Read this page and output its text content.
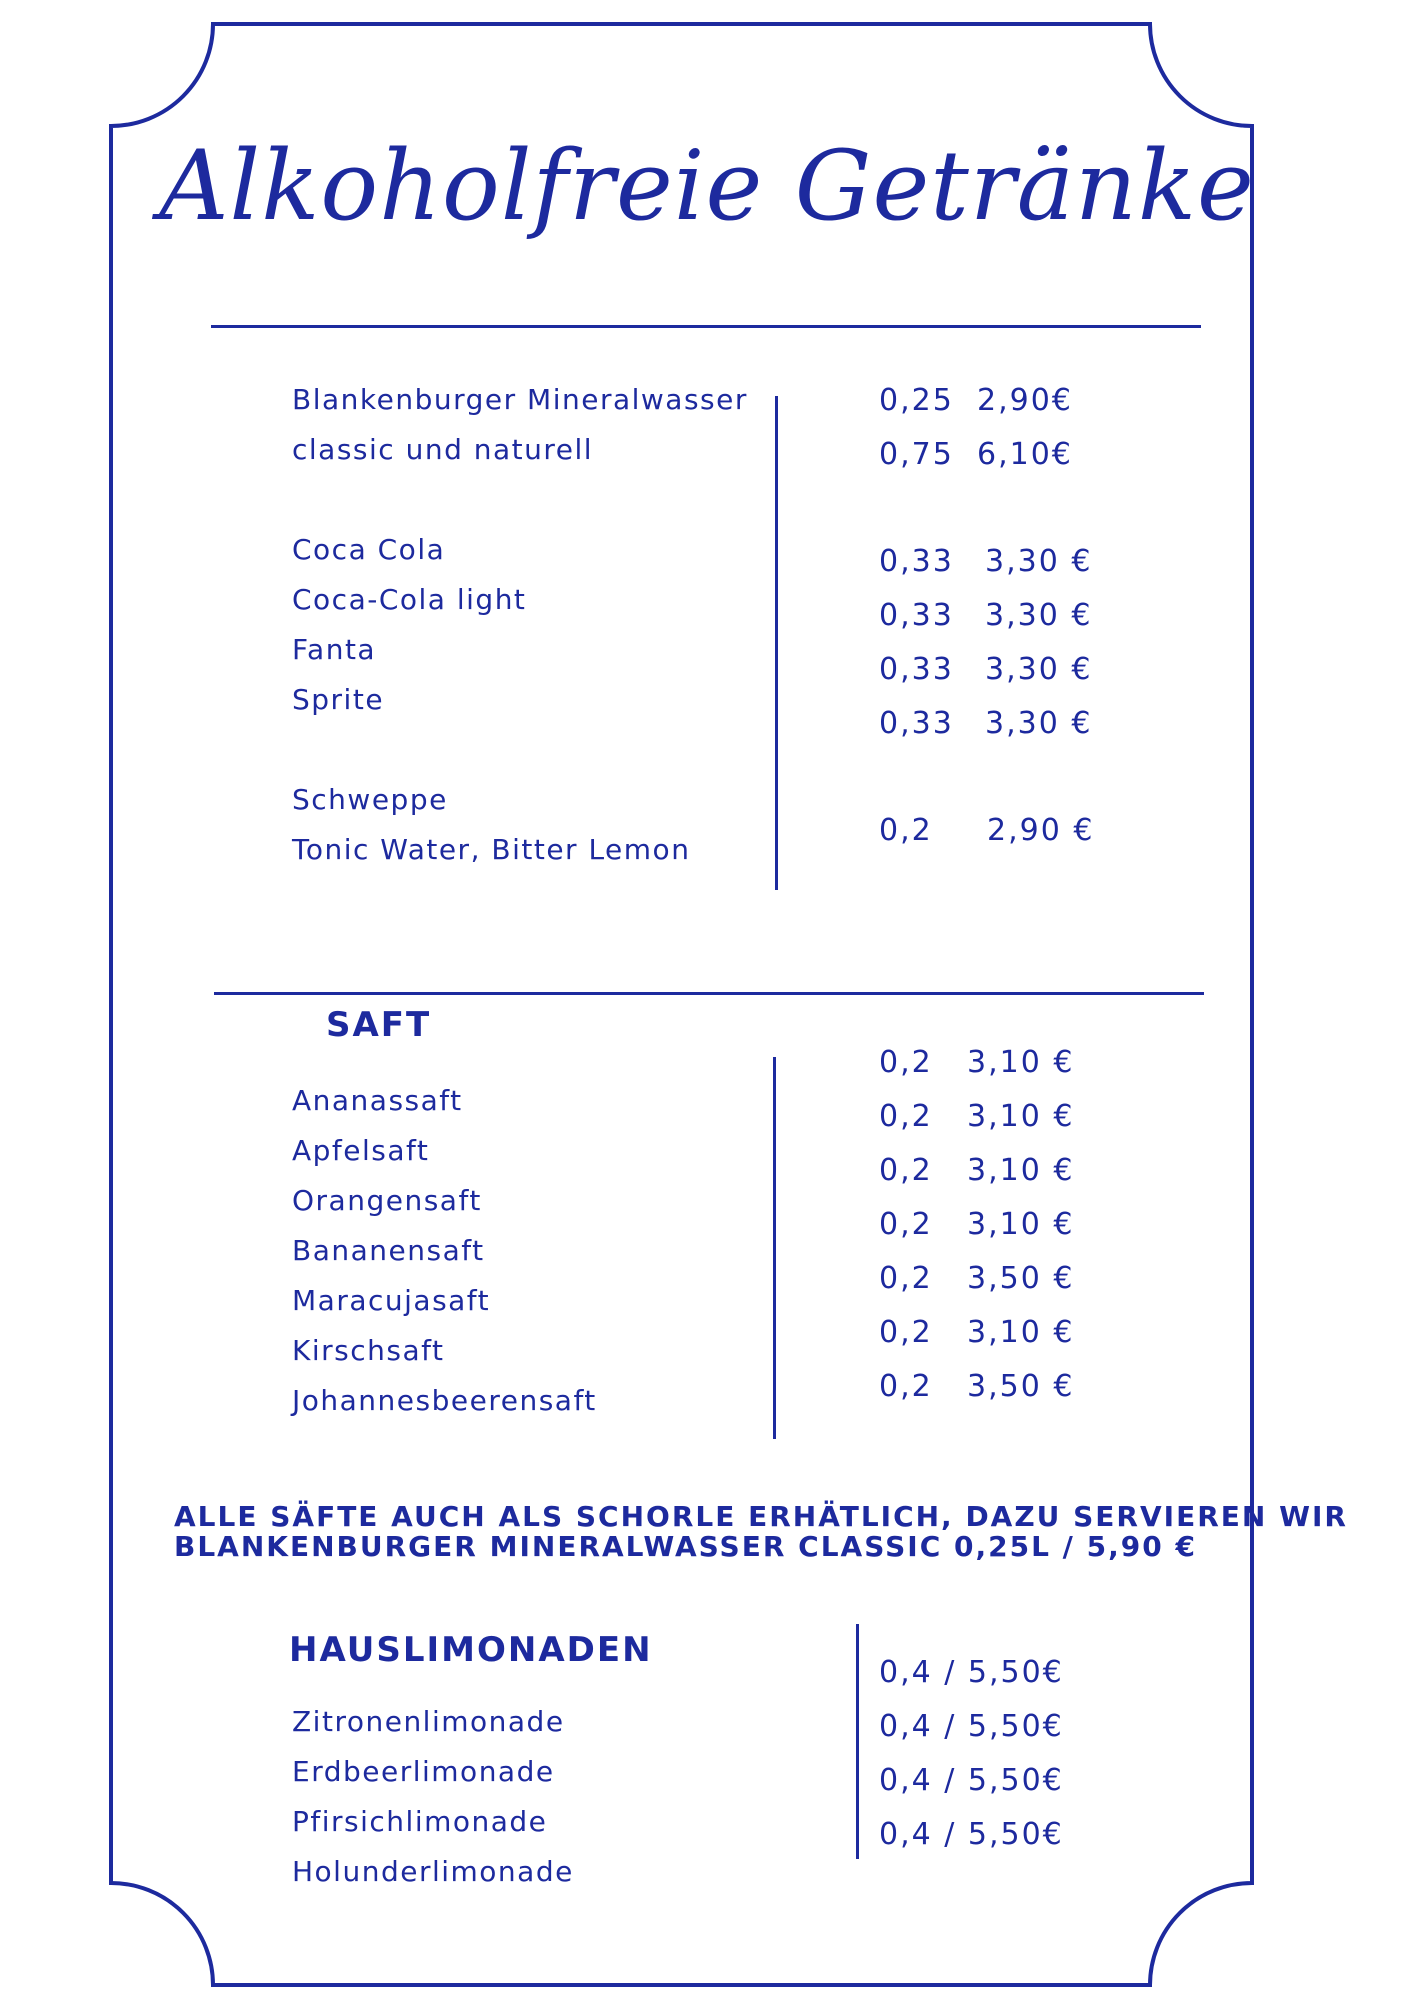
Alkoholfreie Getränke
Blankenburger Mineralwasser
classic und naturell
0,25 2,90€
0,75 6,10€
Coca Cola
Coca-Cola light
Fanta
Sprite
0,33 3,30 €
0,33 3,30 €
0,33 3,30 €
0,33 3,30 €
Schweppe
Tonic Water, Bitter Lemon
0,2 2,90 €
SAFT
Ananassaft
Apfelsaft
Orangensaft
Bananensaft
Maracujasaft
Kirschsaft
Johannesbeerensaft
0,2 3,10 €
0,2 3,10 €
0,2 3,10 €
0,2 3,10 €
0,2 3,50 €
0,2 3,10 €
0,2 3,50 €
ALLE SÄFTE AUCH ALS SCHORLE ERHÄTLICH, DAZU SERVIEREN WIR
BLANKENBURGER MINERALWASSER CLASSIC 0,25L / 5,90 €
HAUSLIMONADEN
Zitronenlimonade
Erdbeerlimonade
Pfirsichlimonade
Holunderlimonade
0,4 / 5,50€
0,4 / 5,50€
0,4 / 5,50€
0,4 / 5,50€
